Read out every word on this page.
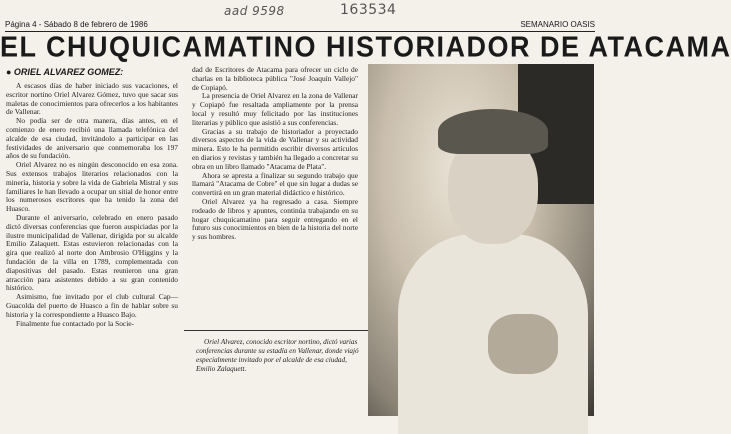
aad 9598	163534
Página 4 - Sábado 8 de febrero de 1986	SEMANARIO OASIS
EL CHUQUICAMATINO HISTORIADOR DE ATACAMA
● ORIEL ALVAREZ GOMEZ:

A escasos días de haber iniciado sus vacaciones, el escritor nortino Oriel Alvarez Gómez, tuvo que sacar sus maletas de conocimientos para ofrecerlos a los habitantes de Vallenar.

No podía ser de otra manera, días antes, en el comienzo de enero recibió una llamada telefónica del alcalde de esa ciudad, invitándolo a participar en las festividades de aniversario que conmemoraba los 197 años de su fundación.

Oriel Alvarez no es ningún desconocido en esa zona. Sus extensos trabajos literarios relacionados con la minería, historia y sobre la vida de Gabriela Mistral y sus familiares le han llevado a ocupar un sitial de honor entre los numerosos escritores que ha tenido la zona del Huasco.

Durante el aniversario, celebrado en enero pasado dictó diversas conferencias que fueron auspiciadas por la ilustre municipalidad de Vallenar, dirigida por su alcalde Emilio Zalaquett. Estas estuvieron relacionadas con la gira que realizó al norte don Ambrosio O'Higgins y la fundación de la villa en 1789, complementada con diapositivas del pasado. Estas reunieron una gran atracción para asistentes debido a su gran contenido histórico.

Asimismo, fue invitado por el club cultural Cap—Guacolda del puerto de Huasco a fin de hablar sobre su historia y la correspondiente a Huasco Bajo.

Finalmente fue contactado por la Socie-

dad de Escritores de Atacama para ofrecer un ciclo de charlas en la biblioteca pública "José Joaquín Vallejo" de Copiapó.

La presencia de Oriel Alvarez en la zona de Vallenar y Copiapó fue resaltada ampliamente por la prensa local y resultó muy felicitado por las instituciones literarias y público que asistió a sus conferencias.

Gracias a su trabajo de historiador a proyectado diversos aspectos de la vida de Vallenar y su actividad minera. Esto le ha permitido escribir diversos artículos en diarios y revistas y también ha llegado a concretar su obra en un libro llamado "Atacama de Plata".

Ahora se apresta a finalizar su segundo trabajo que llamará "Atacama de Cobre" el que sin lugar a dudas se convertirá en un gran material didáctico e histórico.

Oriel Alvarez ya ha regresado a casa. Siempre rodeado de libros y apuntes, continúa trabajando en su hogar chuquicamatino para seguir entregando en el futuro sus conocimientos en bien de la historia del norte y sus hombres.

Oriel Alvarez, conocido escritor nortino, dictó varias conferencias durante su estadía en Vallenar, donde viajó especialmente invitado por el alcalde de esa ciudad, Emilio Zalaquett.
